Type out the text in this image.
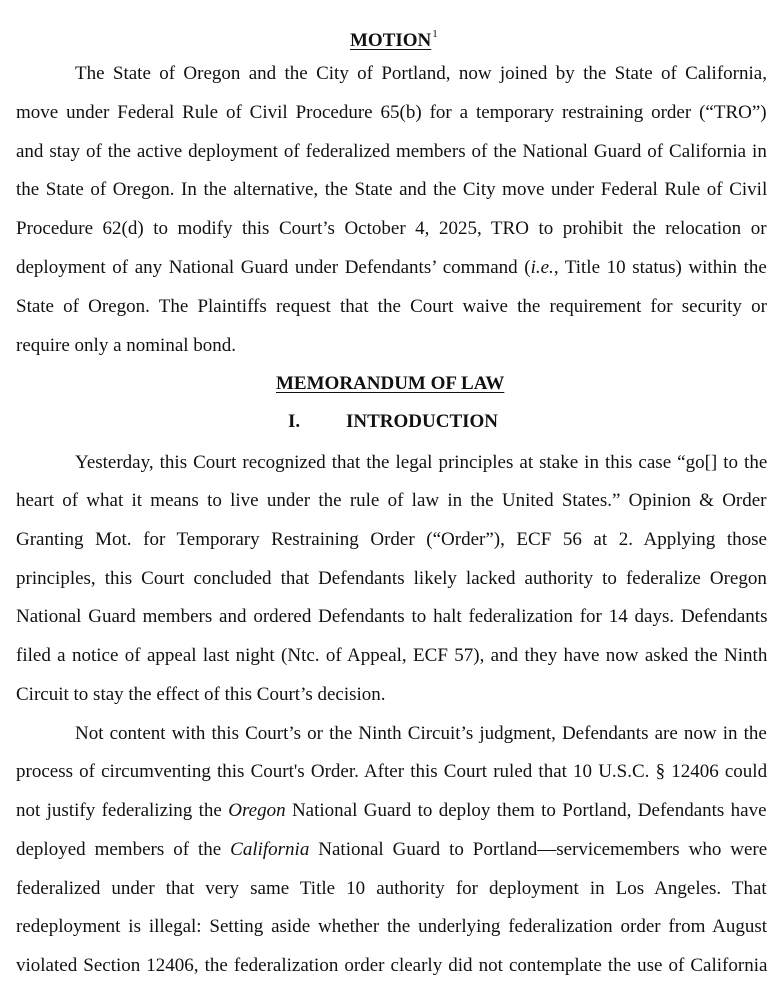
MOTION1
The State of Oregon and the City of Portland, now joined by the State of California,
move under Federal Rule of Civil Procedure 65(b) for a temporary restraining order (“TRO”)
and stay of the active deployment of federalized members of the National Guard of California in
the State of Oregon. In the alternative, the State and the City move under Federal Rule of Civil
Procedure 62(d) to modify this Court’s October 4, 2025, TRO to prohibit the relocation or
deployment of any National Guard under Defendants’ command (i.e., Title 10 status) within the
State of Oregon. The Plaintiffs request that the Court waive the requirement for security or
require only a nominal bond.
MEMORANDUM OF LAW
I. INTRODUCTION
Yesterday, this Court recognized that the legal principles at stake in this case “go[] to the
heart of what it means to live under the rule of law in the United States.” Opinion & Order
Granting Mot. for Temporary Restraining Order (“Order”), ECF 56 at 2. Applying those
principles, this Court concluded that Defendants likely lacked authority to federalize Oregon
National Guard members and ordered Defendants to halt federalization for 14 days. Defendants
filed a notice of appeal last night (Ntc. of Appeal, ECF 57), and they have now asked the Ninth
Circuit to stay the effect of this Court’s decision.
Not content with this Court’s or the Ninth Circuit’s judgment, Defendants are now in the
process of circumventing this Court's Order. After this Court ruled that 10 U.S.C. § 12406 could
not justify federalizing the Oregon National Guard to deploy them to Portland, Defendants have
deployed members of the California National Guard to Portland—servicemembers who were
federalized under that very same Title 10 authority for deployment in Los Angeles. That
redeployment is illegal: Setting aside whether the underlying federalization order from August
violated Section 12406, the federalization order clearly did not contemplate the use of California
